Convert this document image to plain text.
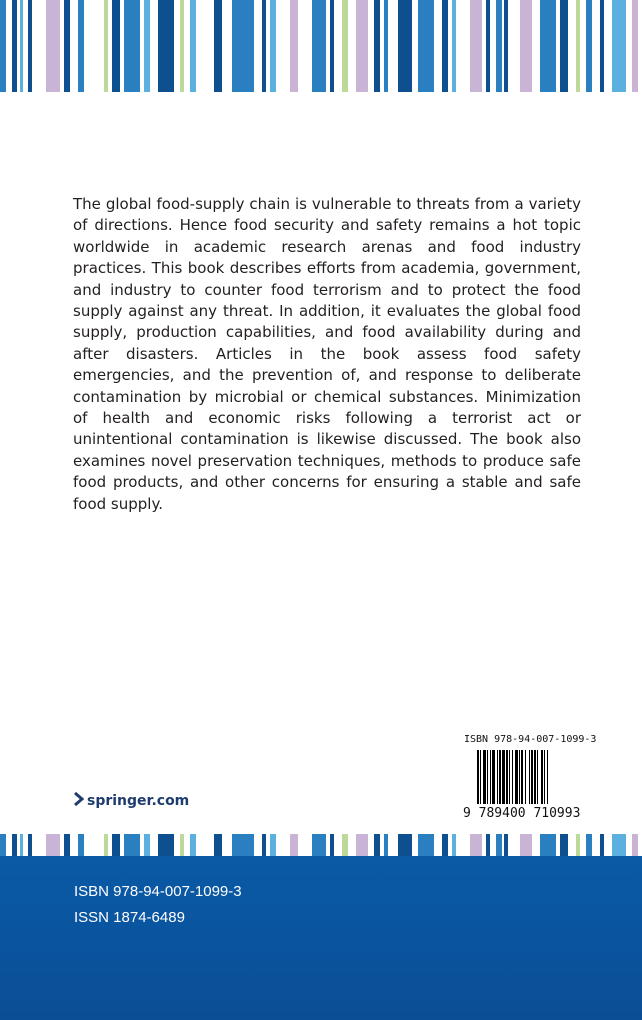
The global food-supply chain is vulnerable to threats from a variety of directions. Hence food security and safety remains a hot topic worldwide in academic research arenas and food industry practices. This book describes efforts from academia, government, and industry to counter food terrorism and to protect the food supply against any threat. In addition, it evaluates the global food supply, production capabilities, and food availability during and after disasters. Articles in the book assess food safety emergencies, and the prevention of, and response to deliberate contamination by microbial or chemical substances. Minimization of health and economic risks following a terrorist act or unintentional contamination is likewise discussed. The book also examines novel preservation techniques, methods to produce safe food products, and other concerns for ensuring a stable and safe food supply.

ISBN 978-94-007-1099-3
9 789400 710993
springer.com
ISBN 978-94-007-1099-3
ISSN 1874-6489
